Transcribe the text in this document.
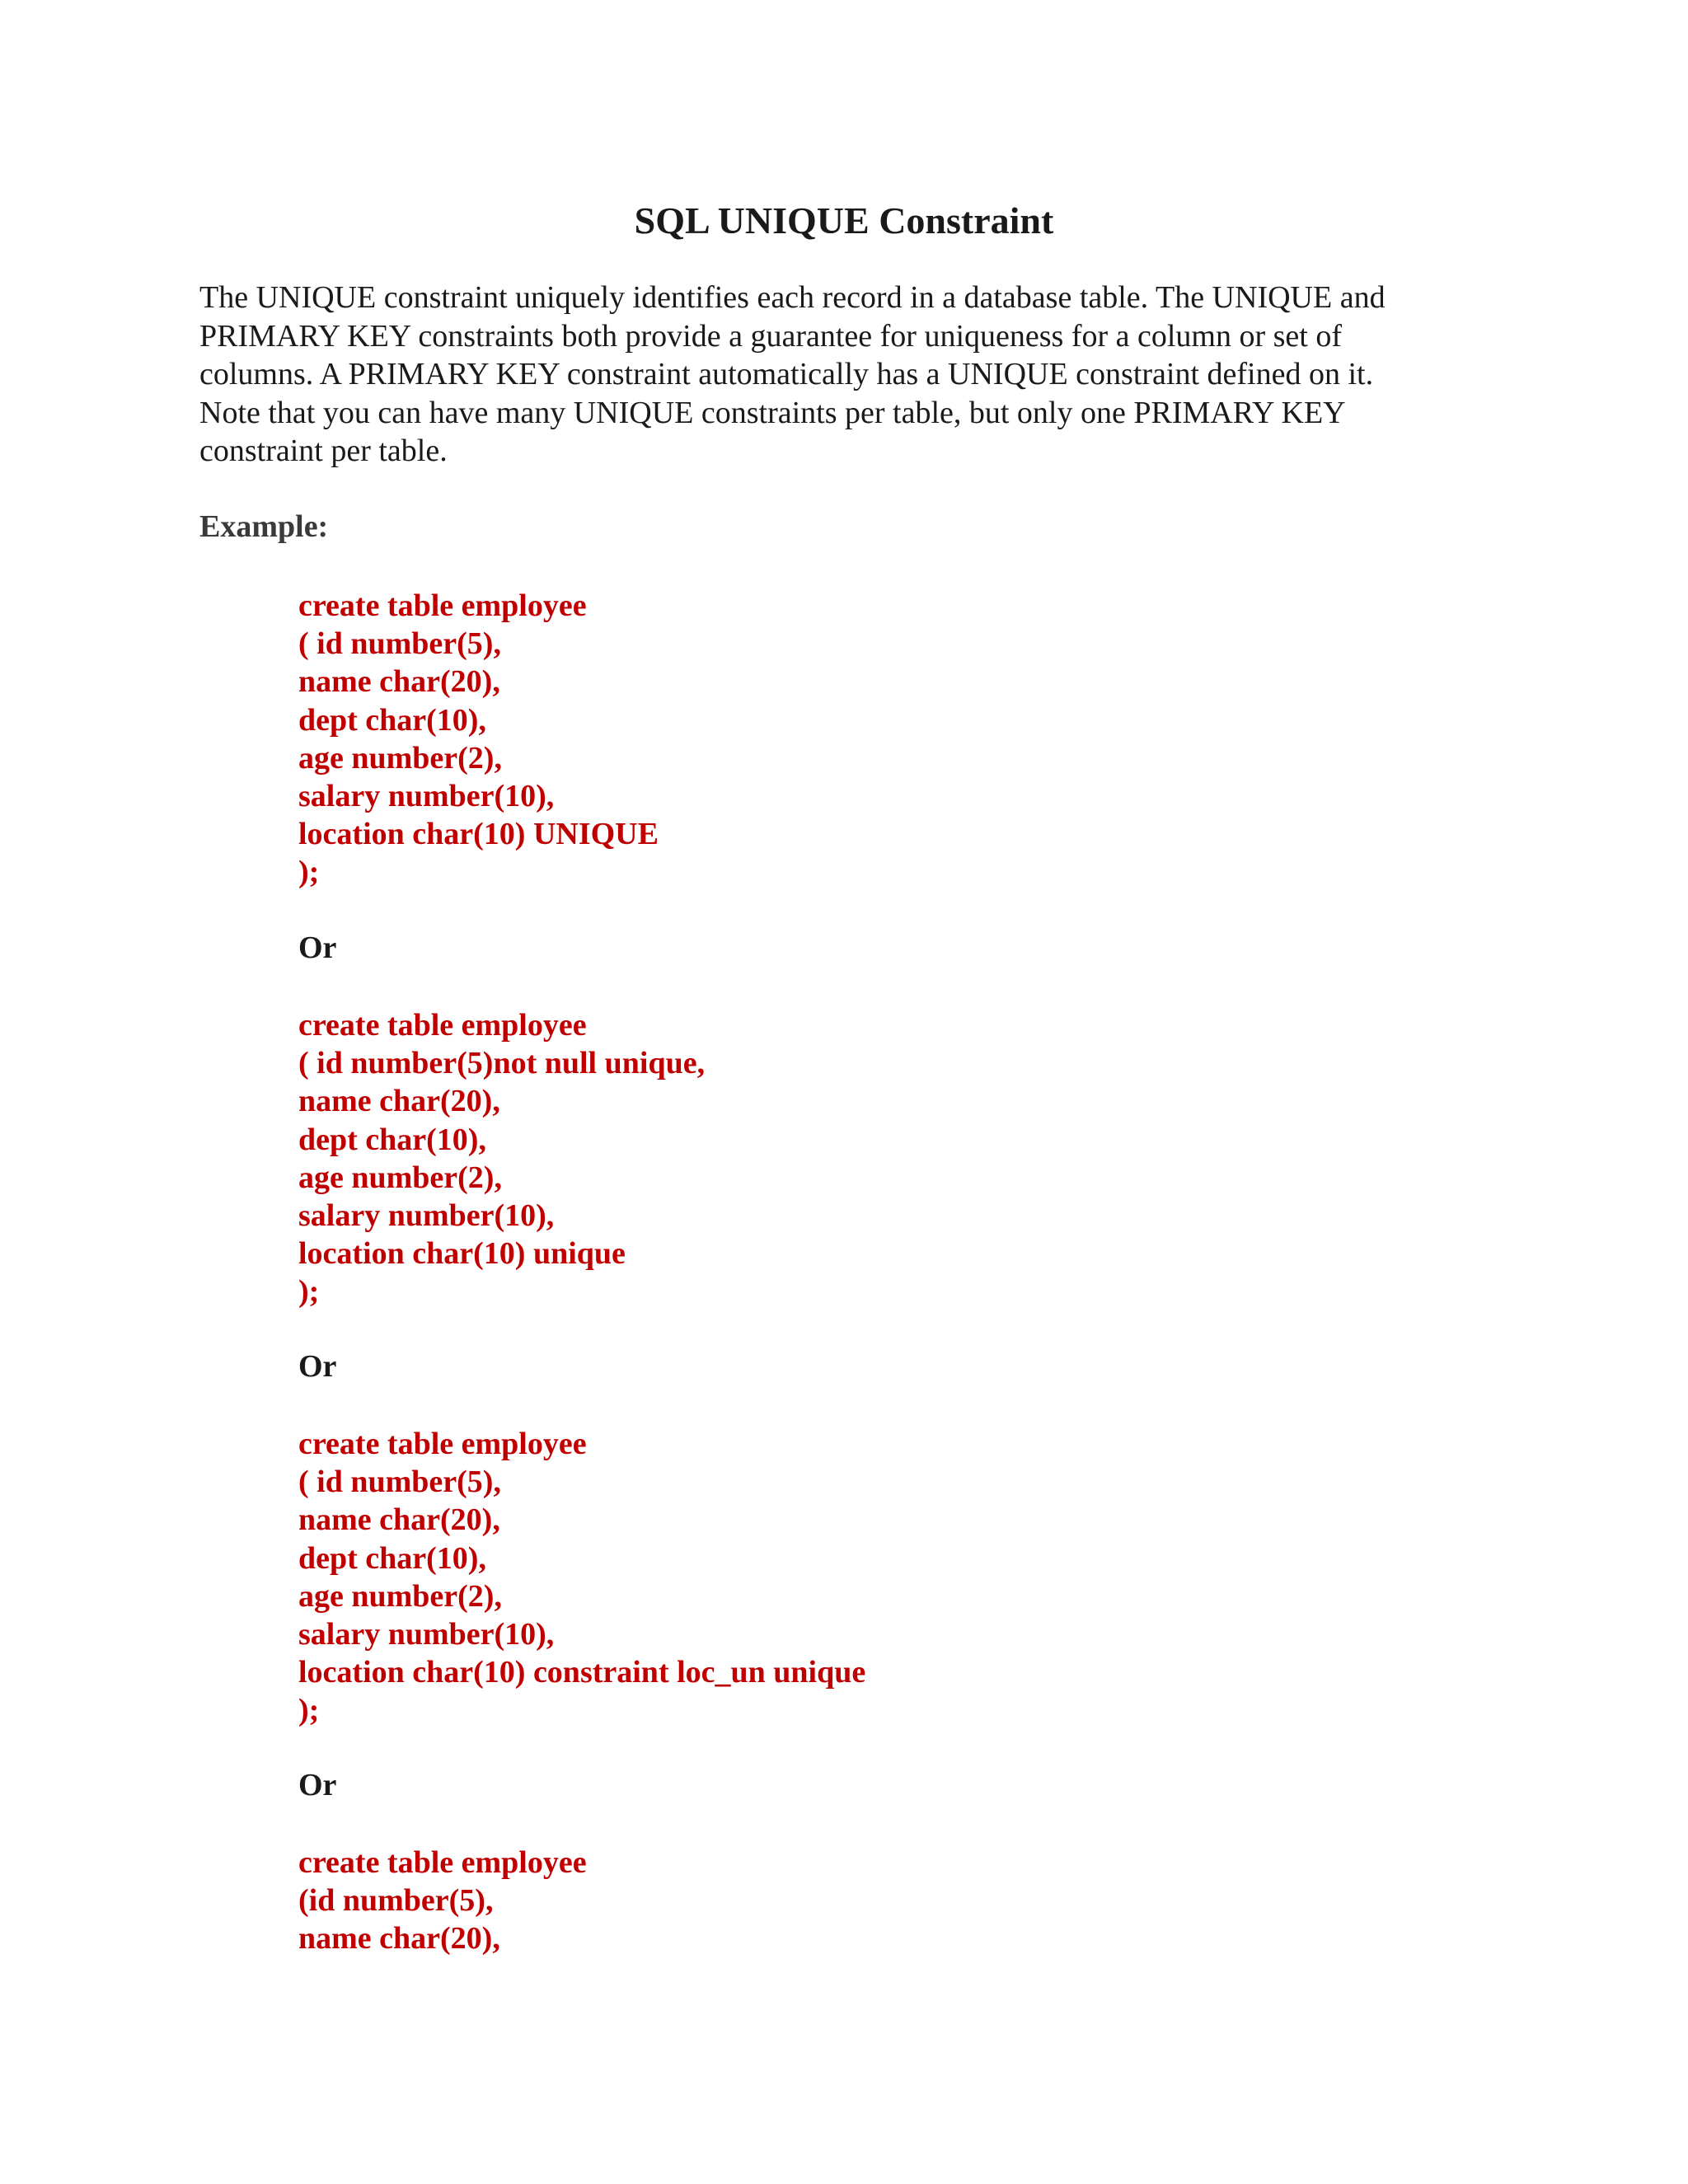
SQL UNIQUE Constraint
The UNIQUE constraint uniquely identifies each record in a database table. The UNIQUE and
PRIMARY KEY constraints both provide a guarantee for uniqueness for a column or set of
columns. A PRIMARY KEY constraint automatically has a UNIQUE constraint defined on it.
Note that you can have many UNIQUE constraints per table, but only one PRIMARY KEY
constraint per table.
Example:
create table employee
( id number(5),
name char(20),
dept char(10),
age number(2),
salary number(10),
location char(10) UNIQUE
);
Or
create table employee
( id number(5)not null unique,
name char(20),
dept char(10),
age number(2),
salary number(10),
location char(10) unique
);
Or
create table employee
( id number(5),
name char(20),
dept char(10),
age number(2),
salary number(10),
location char(10) constraint loc_un unique
);
Or
create table employee
(id number(5),
name char(20),
